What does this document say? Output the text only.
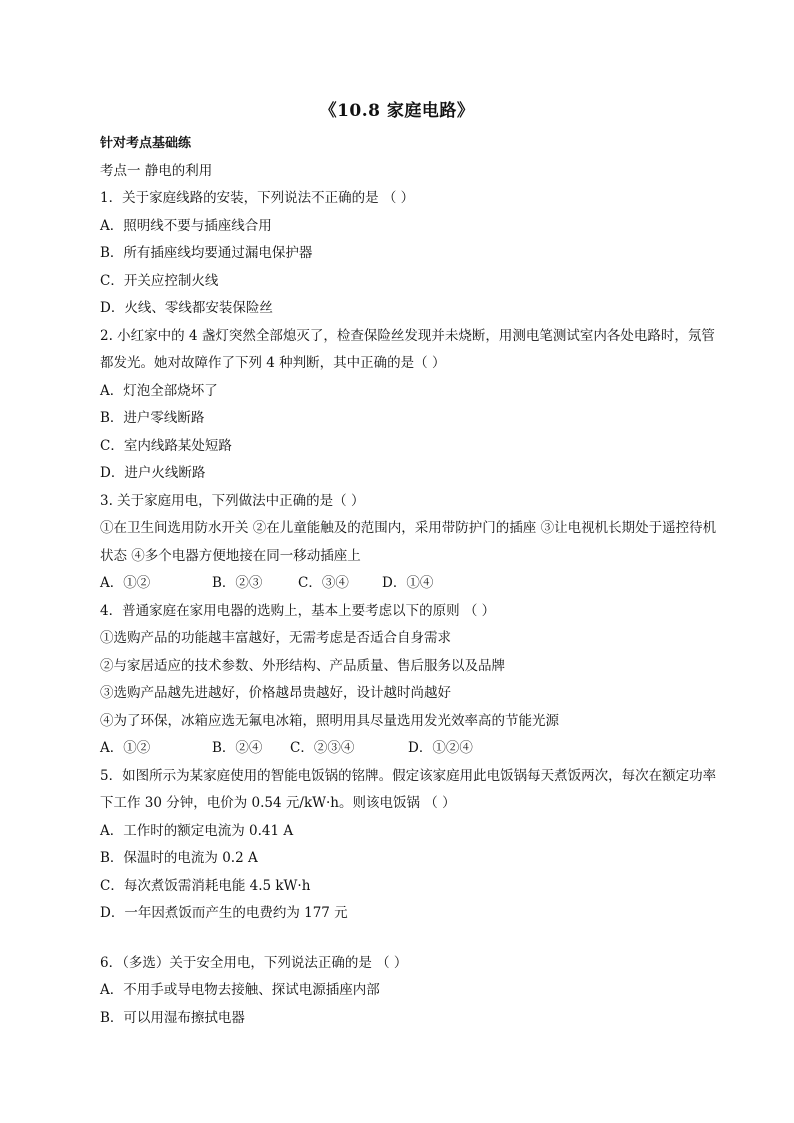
《10.8 家庭电路》
针对考点基础练
考点一 静电的利用
1．关于家庭线路的安装，下列说法不正确的是 （ ）
A．照明线不要与插座线合用
B．所有插座线均要通过漏电保护器
C．开关应控制火线
D．火线、零线都安装保险丝
2. 小红家中的 4 盏灯突然全部熄灭了，检查保险丝发现并未烧断，用测电笔测试室内各处电路时，氖管都发光。她对故障作了下列 4 种判断，其中正确的是（ ）
A．灯泡全部烧坏了
B．进户零线断路
C．室内线路某处短路
D．进户火线断路
3. 关于家庭用电，下列做法中正确的是（ ）
①在卫生间选用防水开关 ②在儿童能触及的范围内，采用带防护门的插座 ③让电视机长期处于遥控待机状态 ④多个电器方便地接在同一移动插座上
A．①②	B．②③	C．③④	D．①④
4．普通家庭在家用电器的选购上，基本上要考虑以下的原则 （ ）
①选购产品的功能越丰富越好，无需考虑是否适合自身需求
②与家居适应的技术参数、外形结构、产品质量、售后服务以及品牌
③选购产品越先进越好，价格越昂贵越好，设计越时尚越好
④为了环保，冰箱应选无氟电冰箱，照明用具尽量选用发光效率高的节能光源
A．①②	B．②④	C．②③④	D．①②④
5．如图所示为某家庭使用的智能电饭锅的铭牌。假定该家庭用此电饭锅每天煮饭两次，每次在额定功率下工作 30 分钟，电价为 0.54 元/kW·h。则该电饭锅 （ ）
A．工作时的额定电流为 0.41 A
B．保温时的电流为 0.2 A
C．每次煮饭需消耗电能 4.5 kW·h
D．一年因煮饭而产生的电费约为 177 元
6．（多选）关于安全用电，下列说法正确的是 （ ）
A．不用手或导电物去接触、探试电源插座内部
B．可以用湿布擦拭电器
